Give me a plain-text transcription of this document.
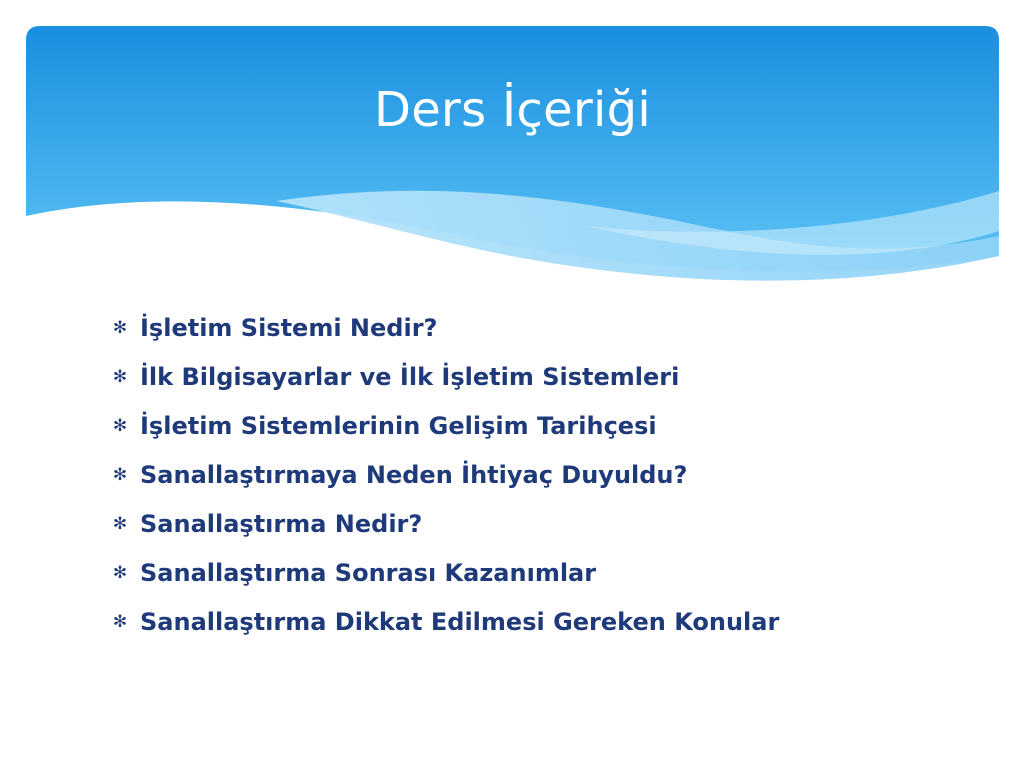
Ders İçeriği
✻ İşletim Sistemi Nedir?
✻ İlk Bilgisayarlar ve İlk İşletim Sistemleri
✻ İşletim Sistemlerinin Gelişim Tarihçesi
✻ Sanallaştırmaya Neden İhtiyaç Duyuldu?
✻ Sanallaştırma Nedir?
✻ Sanallaştırma Sonrası Kazanımlar
✻ Sanallaştırma Dikkat Edilmesi Gereken Konular
